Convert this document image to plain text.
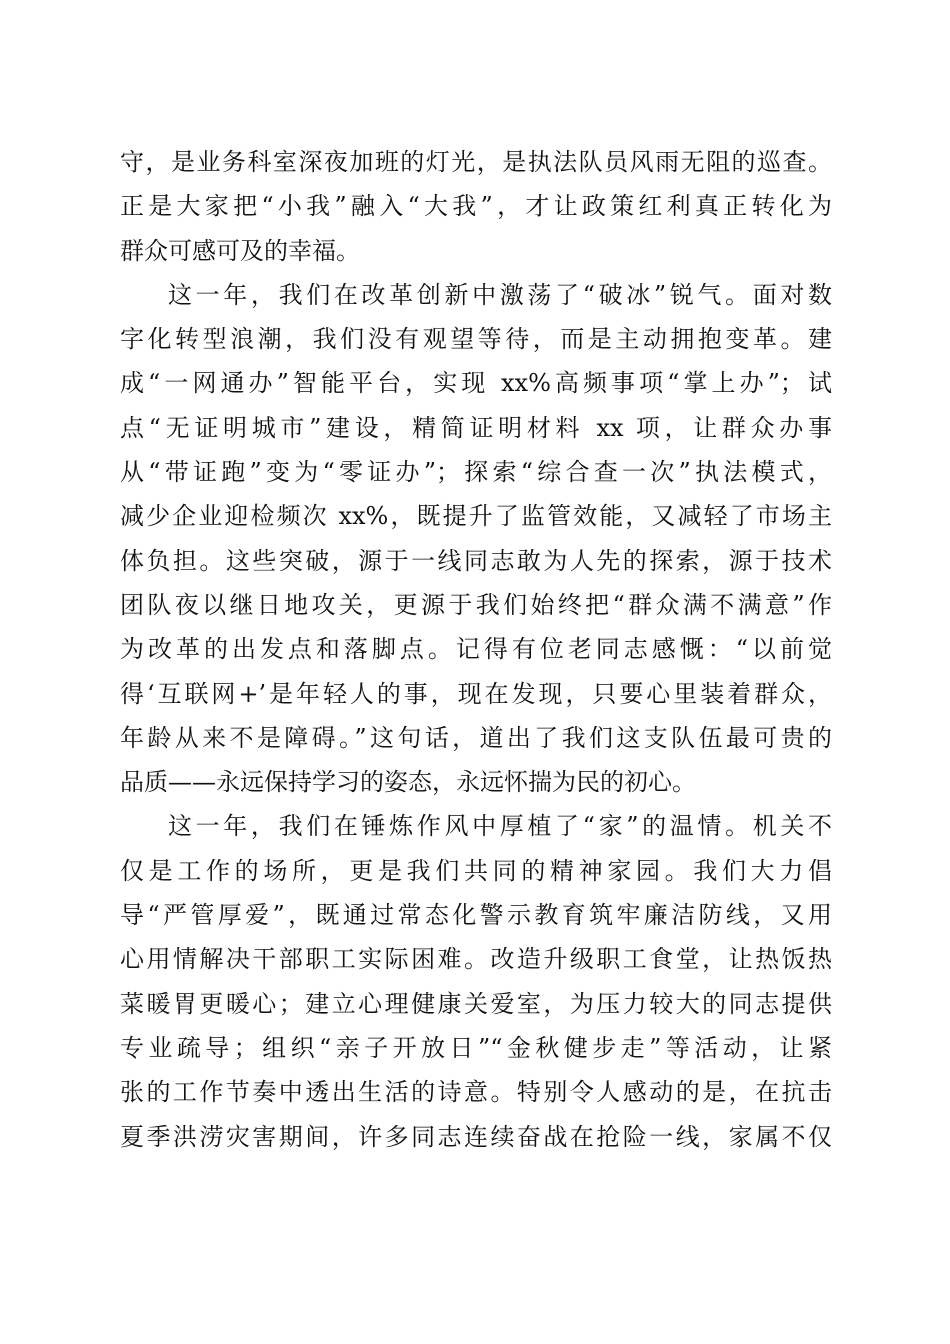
守，是业务科室深夜加班的灯光，是执法队员风雨无阻的巡查。
正是大家把“小我”融入“大我”，才让政策红利真正转化为
群众可感可及的幸福。
这一年，我们在改革创新中激荡了“破冰”锐气。面对数
字化转型浪潮，我们没有观望等待，而是主动拥抱变革。建
成“一网通办”智能平台，实现 xx%高频事项“掌上办”；试
点“无证明城市”建设，精简证明材料 xx 项，让群众办事
从“带证跑”变为“零证办”；探索“综合查一次”执法模式，
减少企业迎检频次 xx%，既提升了监管效能，又减轻了市场主
体负担。这些突破，源于一线同志敢为人先的探索，源于技术
团队夜以继日地攻关，更源于我们始终把“群众满不满意”作
为改革的出发点和落脚点。记得有位老同志感慨：“以前觉
得‘互联网+’是年轻人的事，现在发现，只要心里装着群众，
年龄从来不是障碍。”这句话，道出了我们这支队伍最可贵的
品质——永远保持学习的姿态，永远怀揣为民的初心。
这一年，我们在锤炼作风中厚植了“家”的温情。机关不
仅是工作的场所，更是我们共同的精神家园。我们大力倡
导“严管厚爱”，既通过常态化警示教育筑牢廉洁防线，又用
心用情解决干部职工实际困难。改造升级职工食堂，让热饭热
菜暖胃更暖心；建立心理健康关爱室，为压力较大的同志提供
专业疏导；组织“亲子开放日”“金秋健步走”等活动，让紧
张的工作节奏中透出生活的诗意。特别令人感动的是，在抗击
夏季洪涝灾害期间，许多同志连续奋战在抢险一线，家属不仅
